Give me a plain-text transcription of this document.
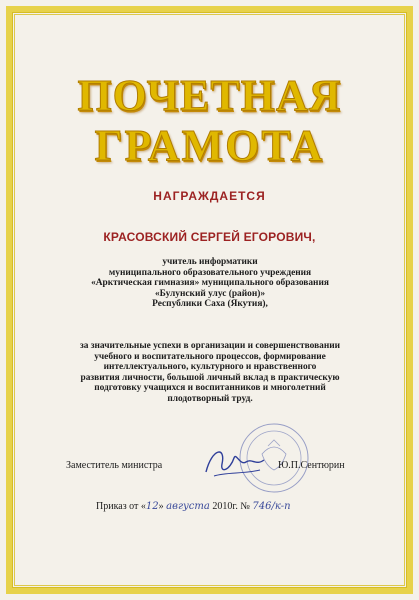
ПОЧЕТНАЯ
ГРАМОТА
НАГРАЖДАЕТСЯ
КРАСОВСКИЙ СЕРГЕЙ ЕГОРОВИЧ,
учитель информатики
муниципального образовательного учреждения
«Арктическая гимназия» муниципального образования
«Булунский улус (район)»
Республики Саха (Якутия),
за значительные успехи в организации и совершенствовании
учебного и воспитательного процессов, формирование
интеллектуального, культурного и нравственного
развития личности, большой личный вклад в практическую
подготовку учащихся и воспитанников и многолетний
плодотворный труд.
Заместитель министра	Ю.П.Сентюрин
Приказ от «12» августа 2010г. № 746/к-п
